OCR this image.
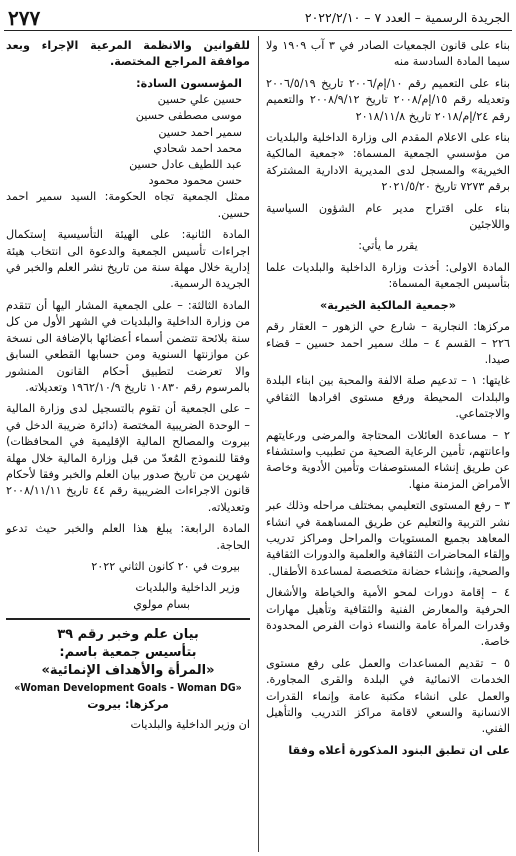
الجريدة الرسمية – العدد ٧ – ٢٠٢٢/٢/١٠
٢٧٧

بناء على قانون الجمعيات الصادر في ٣ آب ١٩٠٩ ولا سيما المادة السادسة منه

بناء على التعميم رقم ١٠/إم/٢٠٠٦ تاريخ ٢٠٠٦/٥/١٩ وتعديله رقم ١٥/إم/٢٠٠٨ تاريخ ٢٠٠٨/٩/١٢ والتعميم رقم ٢٤/إم/٢٠١٨ تاريخ ٢٠١٨/١١/٨

بناء على الاعلام المقدم الى وزارة الداخلية والبلديات من مؤسسي الجمعية المسماة: «جمعية المالكية الخيرية» والمسجل لدى المديرية الادارية المشتركة برقم ٧٢٧٣ تاريخ ٢٠٢١/٥/٢٠

بناء على اقتراح مدير عام الشؤون السياسية واللاجئين

يقرر ما يأتي:

المادة الاولى: أخذت وزارة الداخلية والبلديات علما بتأسيس الجمعية المسماة:

«جمعية المالكية الخيرية»

مركزها: النجارية – شارع حي الزهور – العقار رقم ٢٢٦ – القسم ٤ – ملك سمير احمد حسين – قضاء صيدا.

غايتها: ١ – تدعيم صلة الالفة والمحبة بين ابناء البلدة والبلدات المحيطة ورفع مستوى افرادها الثقافي والاجتماعي.

٢ – مساعدة العائلات المحتاجة والمرضى ورعايتهم واعانتهم، تأمين الرعاية الصحية من تطبيب واستشفاء عن طريق إنشاء المستوصفات وتأمين الأدوية وخاصة الأمراض المزمنة منها.

٣ – رفع المستوى التعليمي بمختلف مراحله وذلك عبر نشر التربية والتعليم عن طريق المساهمة في انشاء المعاهد بجميع المستويات والمراحل ومراكز تدريب وإلقاء المحاضرات الثقافية والعلمية والدورات الثقافية والصحية، وإنشاء حضانة متخصصة لمساعدة الأطفال.

٤ – إقامة دورات لمحو الأمية والخياطة والأشغال الحرفية والمعارض الفنية والثقافية وتأهيل مهارات وقدرات المرأة عامة والنساء ذوات الفرص المحدودة خاصة.

٥ – تقديم المساعدات والعمل على رفع مستوى الخدمات الانمائية في البلدة والقرى المجاورة. والعمل على انشاء مكتبة عامة وإنماء القدرات الانسانية والسعي لاقامة مراكز التدريب والتأهيل الفني.

على ان تطبق البنود المذكورة أعلاه وفقا

للقوانين والانظمة المرعية الإجراء وبعد موافقة المراجع المختصة.

المؤسسون السادة:

حسين علي حسين
موسى مصطفى حسين
سمير احمد حسين
محمد احمد شحادي
عبد اللطيف عادل حسين
حسن محمود محمود

ممثل الجمعية تجاه الحكومة: السيد سمير احمد حسين.

المادة الثانية: على الهيئة التأسيسية إستكمال اجراءات تأسيس الجمعية والدعوة الى انتخاب هيئة إدارية خلال مهلة سنة من تاريخ نشر العلم والخبر في الجريدة الرسمية.

المادة الثالثة: – على الجمعية المشار اليها أن تتقدم من وزارة الداخلية والبلديات في الشهر الأول من كل سنة بلائحة تتضمن أسماء أعضائها بالإضافة الى نسخة عن موازنتها السنوية ومن حسابها القطعي السابق والا تعرضت لتطبيق أحكام القانون المنشور بالمرسوم رقم ١٠٨٣٠ تاريخ ١٩٦٢/١٠/٩ وتعديلاته.

– على الجمعية أن تقوم بالتسجيل لدى وزارة المالية – الوحدة الضريبية المختصة (دائرة ضريبة الدخل في بيروت والمصالح المالية الإقليمية في المحافظات) وفقا للنموذج المُعدّ من قبل وزارة المالية خلال مهلة شهرين من تاريخ صدور بيان العلم والخبر وفقا لأحكام قانون الاجراءات الضريبية رقم ٤٤ تاريخ ٢٠٠٨/١١/١١ وتعديلاته.

المادة الرابعة: يبلغ هذا العلم والخبر حيث تدعو الحاجة.

بيروت في ٢٠ كانون الثاني ٢٠٢٢

وزير الداخلية والبلديات

بسام مولوي

بيان علم وخبر رقم ٣٩
بتأسيس جمعية باسم:
«المرأة والأهداف الإنمائية»
«Woman Development Goals - Woman DG»
مركزها: بيروت

ان وزير الداخلية والبلديات
